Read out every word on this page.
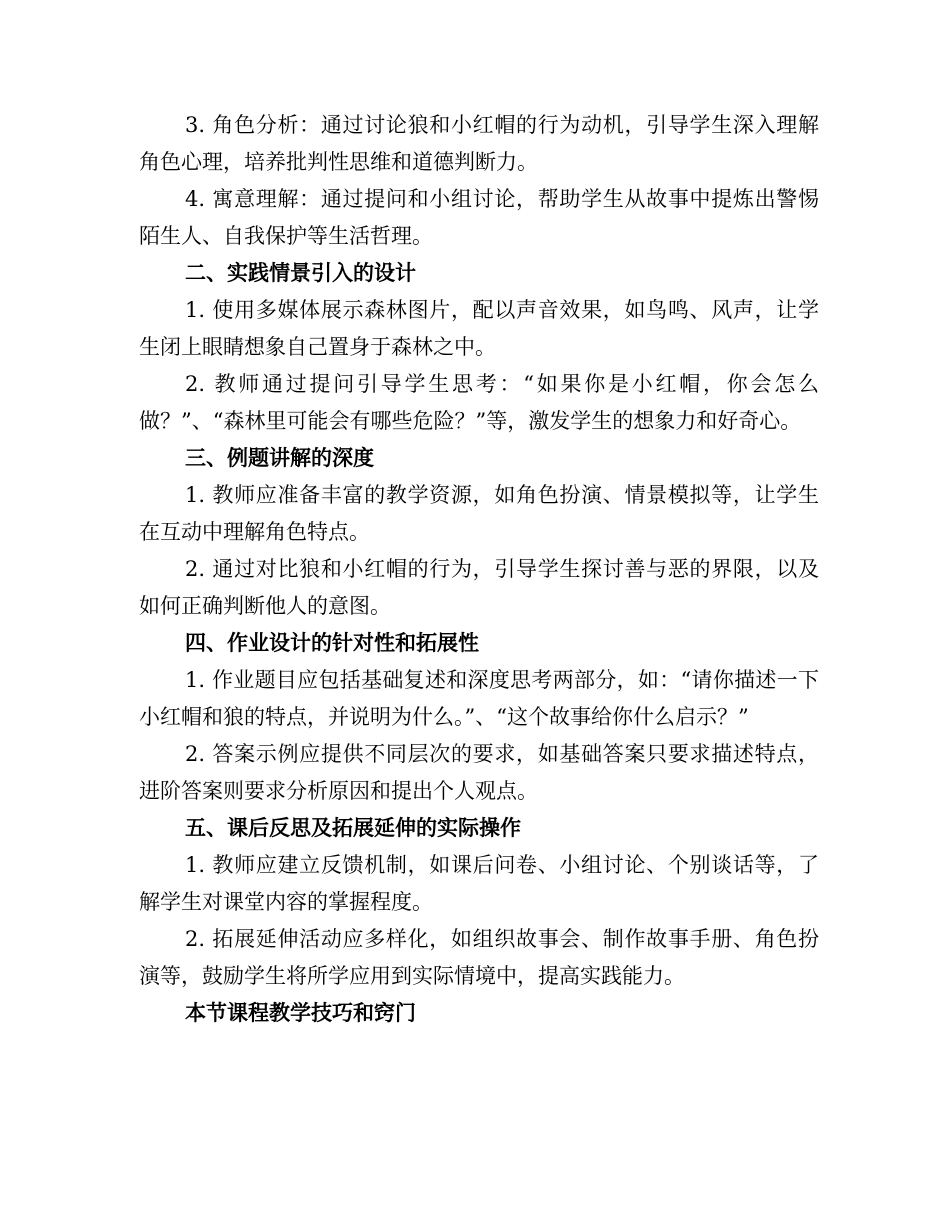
3. 角色分析：通过讨论狼和小红帽的行为动机，引导学生深入理解角色心理，培养批判性思维和道德判断力。

4. 寓意理解：通过提问和小组讨论，帮助学生从故事中提炼出警惕陌生人、自我保护等生活哲理。

二、实践情景引入的设计

1. 使用多媒体展示森林图片，配以声音效果，如鸟鸣、风声，让学生闭上眼睛想象自己置身于森林之中。

2. 教师通过提问引导学生思考：“如果你是小红帽，你会怎么做？”、“森林里可能会有哪些危险？”等，激发学生的想象力和好奇心。

三、例题讲解的深度

1. 教师应准备丰富的教学资源，如角色扮演、情景模拟等，让学生在互动中理解角色特点。

2. 通过对比狼和小红帽的行为，引导学生探讨善与恶的界限，以及如何正确判断他人的意图。

四、作业设计的针对性和拓展性

1. 作业题目应包括基础复述和深度思考两部分，如：“请你描述一下小红帽和狼的特点，并说明为什么。”、“这个故事给你什么启示？”

2. 答案示例应提供不同层次的要求，如基础答案只要求描述特点，进阶答案则要求分析原因和提出个人观点。

五、课后反思及拓展延伸的实际操作

1. 教师应建立反馈机制，如课后问卷、小组讨论、个别谈话等，了解学生对课堂内容的掌握程度。

2. 拓展延伸活动应多样化，如组织故事会、制作故事手册、角色扮演等，鼓励学生将所学应用到实际情境中，提高实践能力。

本节课程教学技巧和窍门
